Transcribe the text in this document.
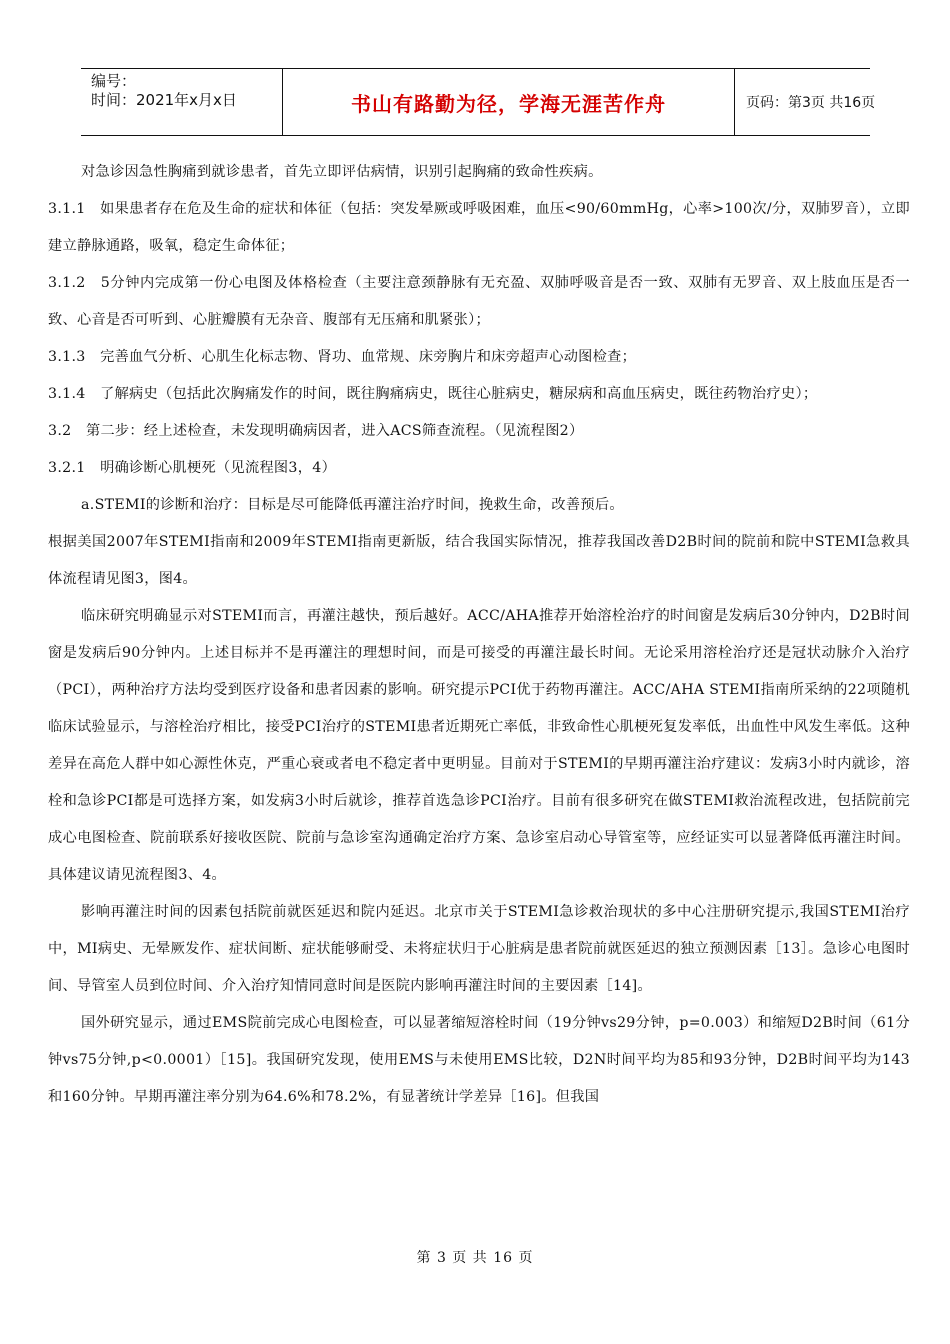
编号：
时间：2021年x月x日	书山有路勤为径，学海无涯苦作舟	页码：第3页 共16页

对急诊因急性胸痛到就诊患者，首先立即评估病情，识别引起胸痛的致命性疾病。

3.1.1　如果患者存在危及生命的症状和体征（包括：突发晕厥或呼吸困难，血压<90/60mmHg，心率>100次/分，双肺罗音），立即建立静脉通路，吸氧，稳定生命体征；

3.1.2　5分钟内完成第一份心电图及体格检查（主要注意颈静脉有无充盈、双肺呼吸音是否一致、双肺有无罗音、双上肢血压是否一致、心音是否可听到、心脏瓣膜有无杂音、腹部有无压痛和肌紧张）；

3.1.3　完善血气分析、心肌生化标志物、肾功、血常规、床旁胸片和床旁超声心动图检查；

3.1.4　了解病史（包括此次胸痛发作的时间，既往胸痛病史，既往心脏病史，糖尿病和高血压病史，既往药物治疗史）；

3.2　第二步：经上述检查，未发现明确病因者，进入ACS筛查流程。（见流程图2）

3.2.1　明确诊断心肌梗死（见流程图3，4）

a.STEMI的诊断和治疗：目标是尽可能降低再灌注治疗时间，挽救生命，改善预后。

根据美国2007年STEMI指南和2009年STEMI指南更新版，结合我国实际情况，推荐我国改善D2B时间的院前和院中STEMI急救具体流程请见图3，图4。

临床研究明确显示对STEMI而言，再灌注越快，预后越好。ACC/AHA推荐开始溶栓治疗的时间窗是发病后30分钟内，D2B时间窗是发病后90分钟内。上述目标并不是再灌注的理想时间，而是可接受的再灌注最长时间。无论采用溶栓治疗还是冠状动脉介入治疗（PCI），两种治疗方法均受到医疗设备和患者因素的影响。研究提示PCI优于药物再灌注。ACC/AHA STEMI指南所采纳的22项随机临床试验显示，与溶栓治疗相比，接受PCI治疗的STEMI患者近期死亡率低，非致命性心肌梗死复发率低，出血性中风发生率低。这种差异在高危人群中如心源性休克，严重心衰或者电不稳定者中更明显。目前对于STEMI的早期再灌注治疗建议：发病3小时内就诊，溶栓和急诊PCI都是可选择方案，如发病3小时后就诊，推荐首选急诊PCI治疗。目前有很多研究在做STEMI救治流程改进，包括院前完成心电图检查、院前联系好接收医院、院前与急诊室沟通确定治疗方案、急诊室启动心导管室等，应经证实可以显著降低再灌注时间。具体建议请见流程图3、4。

影响再灌注时间的因素包括院前就医延迟和院内延迟。北京市关于STEMI急诊救治现状的多中心注册研究提示,我国STEMI治疗中，MI病史、无晕厥发作、症状间断、症状能够耐受、未将症状归于心脏病是患者院前就医延迟的独立预测因素［13］。急诊心电图时间、导管室人员到位时间、介入治疗知情同意时间是医院内影响再灌注时间的主要因素［14]。

国外研究显示，通过EMS院前完成心电图检查，可以显著缩短溶栓时间（19分钟vs29分钟，p=0.003）和缩短D2B时间（61分钟vs75分钟,p<0.0001）［15]。我国研究发现，使用EMS与未使用EMS比较，D2N时间平均为85和93分钟，D2B时间平均为143和160分钟。早期再灌注率分别为64.6%和78.2%，有显著统计学差异［16]。但我国

第 3 页 共 16 页
